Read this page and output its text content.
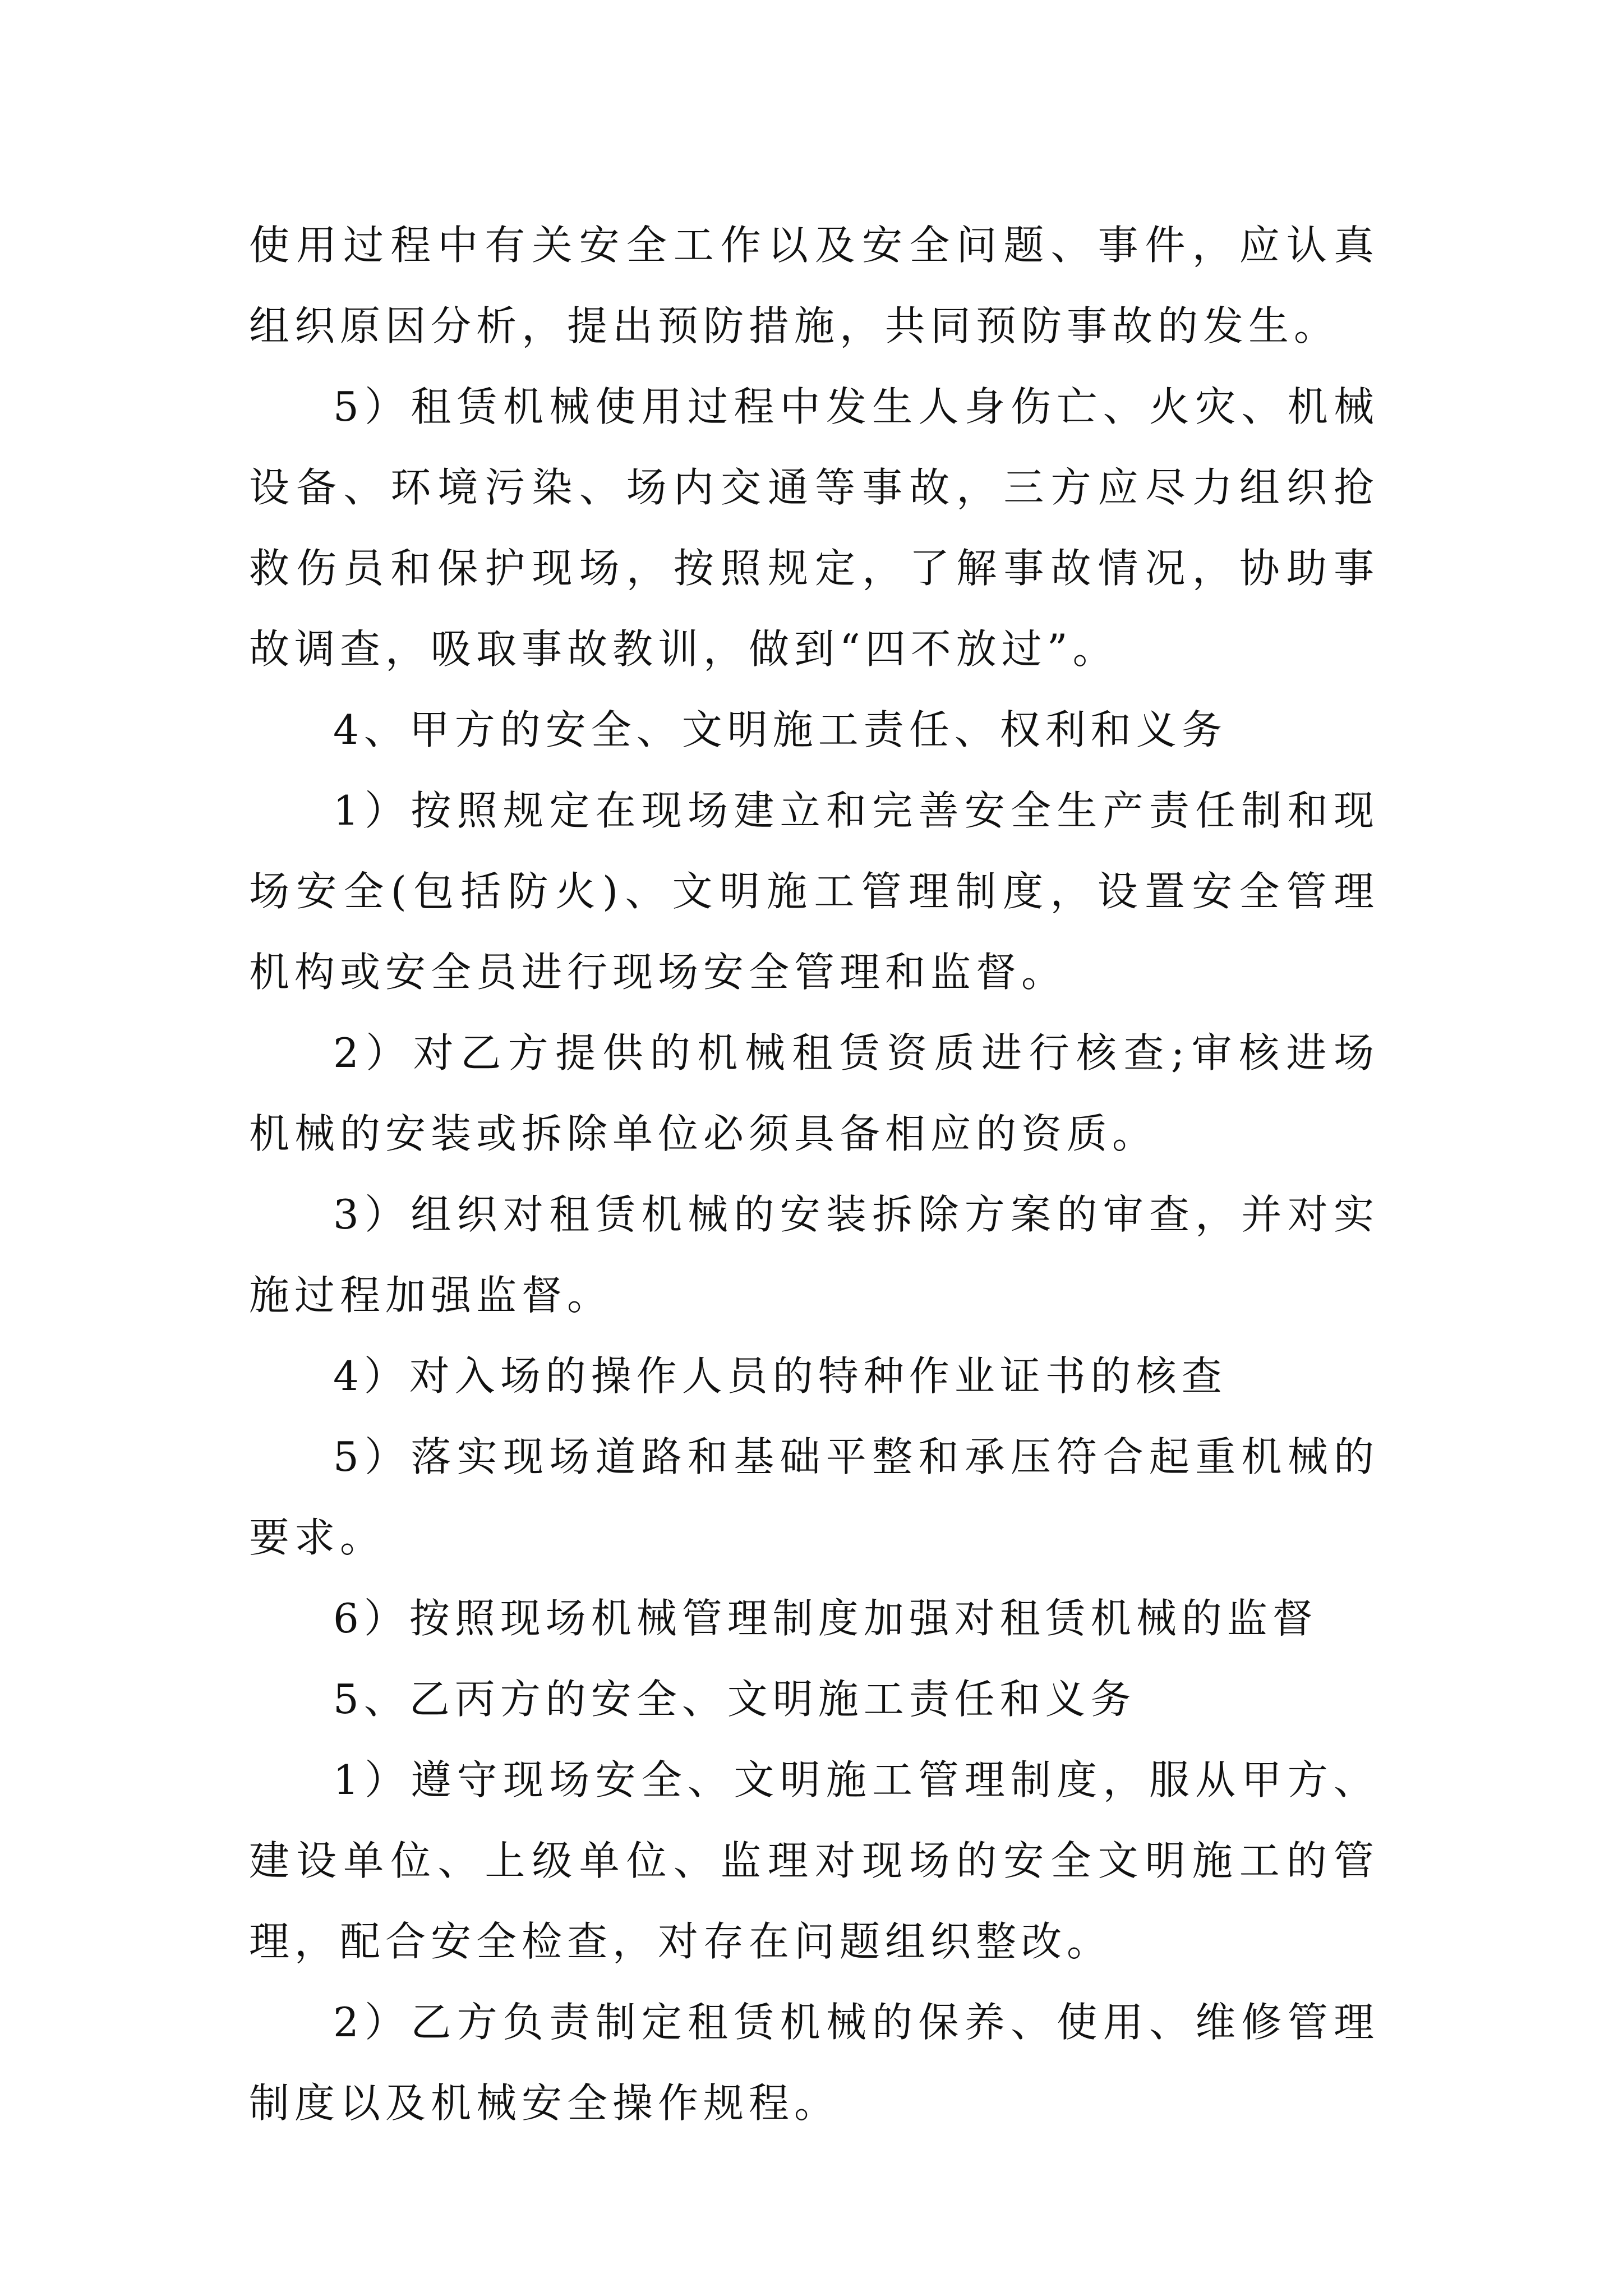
使用过程中有关安全工作以及安全问题、事件，应认真组织原因分析，提出预防措施，共同预防事故的发生。

5）租赁机械使用过程中发生人身伤亡、火灾、机械设备、环境污染、场内交通等事故，三方应尽力组织抢救伤员和保护现场，按照规定，了解事故情况，协助事故调查，吸取事故教训，做到“四不放过”。

4、甲方的安全、文明施工责任、权利和义务

1）按照规定在现场建立和完善安全生产责任制和现场安全(包括防火)、文明施工管理制度，设置安全管理机构或安全员进行现场安全管理和监督。

2）对乙方提供的机械租赁资质进行核查;审核进场机械的安装或拆除单位必须具备相应的资质。

3）组织对租赁机械的安装拆除方案的审查，并对实施过程加强监督。

4）对入场的操作人员的特种作业证书的核查

5）落实现场道路和基础平整和承压符合起重机械的要求。

6）按照现场机械管理制度加强对租赁机械的监督

5、乙丙方的安全、文明施工责任和义务

1）遵守现场安全、文明施工管理制度，服从甲方、建设单位、上级单位、监理对现场的安全文明施工的管理，配合安全检查，对存在问题组织整改。

2）乙方负责制定租赁机械的保养、使用、维修管理制度以及机械安全操作规程。
